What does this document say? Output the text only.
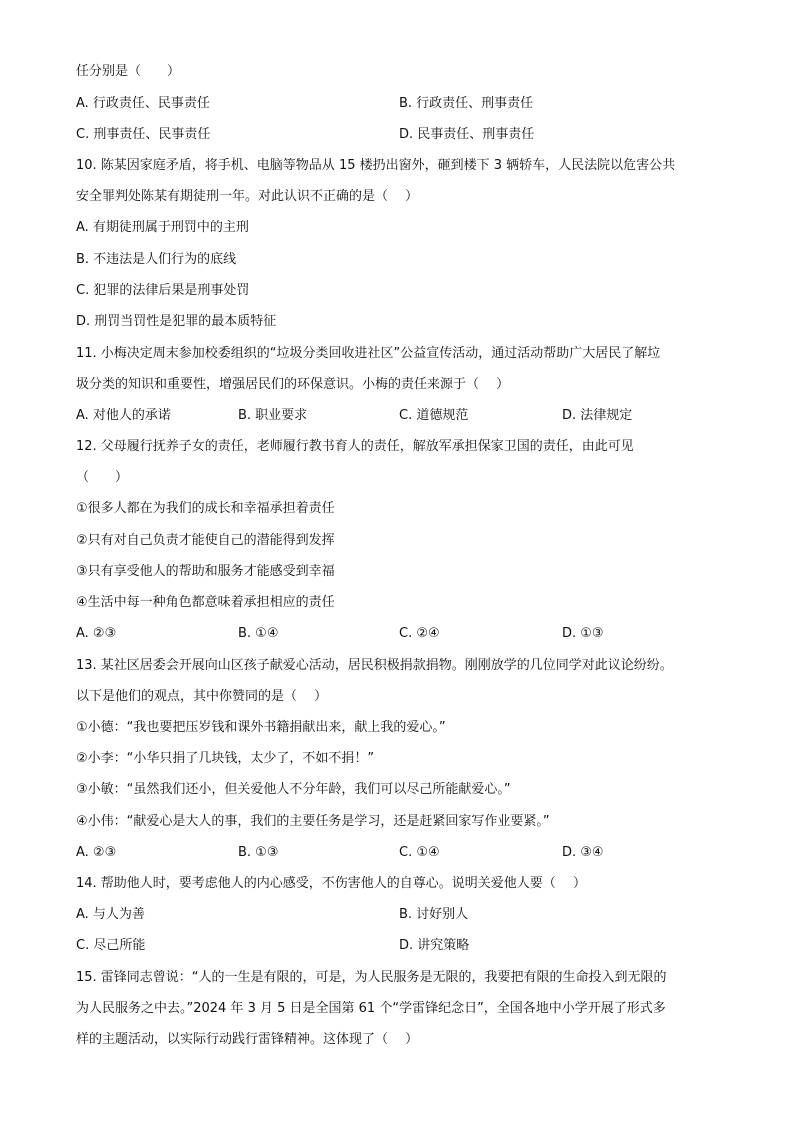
任分别是（　　）
A. 行政责任、民事责任	B. 行政责任、刑事责任
C. 刑事责任、民事责任	D. 民事责任、刑事责任
10. 陈某因家庭矛盾，将手机、电脑等物品从 15 楼扔出窗外，砸到楼下 3 辆轿车，人民法院以危害公共
安全罪判处陈某有期徒刑一年。对此认识不正确的是（　 ）
A. 有期徒刑属于刑罚中的主刑
B. 不违法是人们行为的底线
C. 犯罪的法律后果是刑事处罚
D. 刑罚当罚性是犯罪的最本质特征
11. 小梅决定周末参加校委组织的“垃圾分类回收进社区”公益宣传活动，通过活动帮助广大居民了解垃
圾分类的知识和重要性，增强居民们的环保意识。小梅的责任来源于（　 ）
A. 对他人的承诺	B. 职业要求	C. 道德规范	D. 法律规定
12. 父母履行抚养子女的责任，老师履行教书育人的责任，解放军承担保家卫国的责任，由此可见
（　　）
①很多人都在为我们的成长和幸福承担着责任
②只有对自己负责才能使自己的潜能得到发挥
③只有享受他人的帮助和服务才能感受到幸福
④生活中每一种角色都意味着承担相应的责任
A. ②③	B. ①④	C. ②④	D. ①③
13. 某社区居委会开展向山区孩子献爱心活动，居民积极捐款捐物。刚刚放学的几位同学对此议论纷纷。
以下是他们的观点，其中你赞同的是（　 ）
①小德：“我也要把压岁钱和课外书籍捐献出来，献上我的爱心。”
②小李：“小华只捐了几块钱，太少了，不如不捐！”
③小敏：“虽然我们还小，但关爱他人不分年龄，我们可以尽己所能献爱心。”
④小伟：“献爱心是大人的事，我们的主要任务是学习，还是赶紧回家写作业要紧。”
A. ②③	B. ①③	C. ①④	D. ③④
14. 帮助他人时，要考虑他人的内心感受，不伤害他人的自尊心。说明关爱他人要（　 ）
A. 与人为善	B. 讨好别人
C. 尽己所能	D. 讲究策略
15. 雷锋同志曾说：“人的一生是有限的，可是，为人民服务是无限的，我要把有限的生命投入到无限的
为人民服务之中去。”2024 年 3 月 5 日是全国第 61 个“学雷锋纪念日”，全国各地中小学开展了形式多
样的主题活动，以实际行动践行雷锋精神。这体现了（　 ）
